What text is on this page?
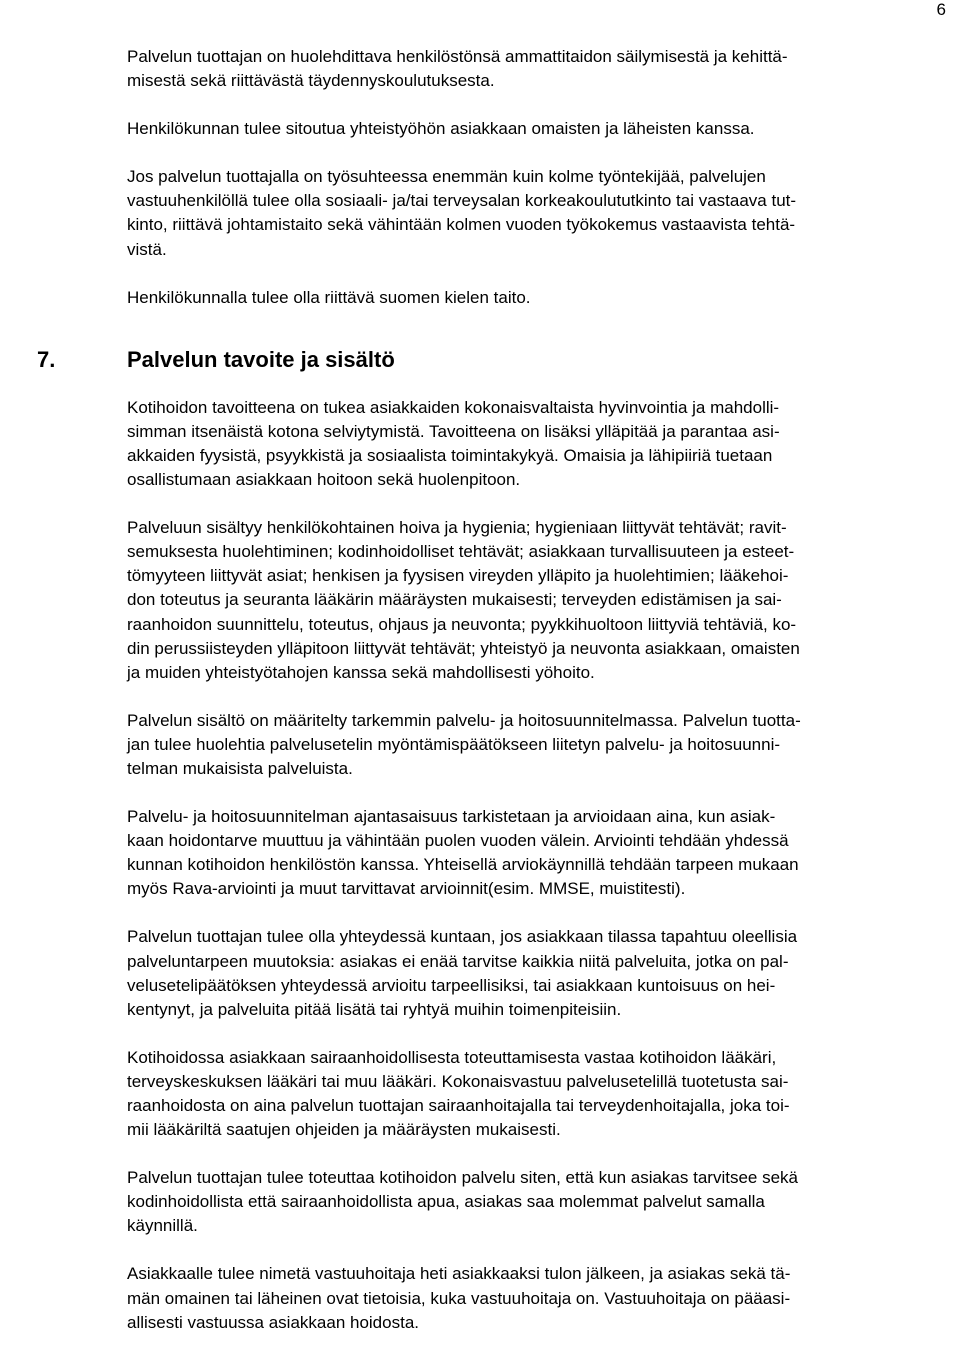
6

Palvelun tuottajan on huolehdittava henkilöstönsä ammattitaidon säilymisestä ja kehittä-
misestä sekä riittävästä täydennyskoulutuksesta.

Henkilökunnan tulee sitoutua yhteistyöhön asiakkaan omaisten ja läheisten kanssa.

Jos palvelun tuottajalla on työsuhteessa enemmän kuin kolme työntekijää, palvelujen
vastuuhenkilöllä tulee olla sosiaali- ja/tai terveysalan korkeakoulututkinto tai vastaava tut-
kinto, riittävä johtamistaito sekä vähintään kolmen vuoden työkokemus vastaavista tehtä-
vistä.

Henkilökunnalla tulee olla riittävä suomen kielen taito.

7.	Palvelun tavoite ja sisältö

Kotihoidon tavoitteena on tukea asiakkaiden kokonaisvaltaista hyvinvointia ja mahdolli-
simman itsenäistä kotona selviytymistä. Tavoitteena on lisäksi ylläpitää ja parantaa asi-
akkaiden fyysistä, psyykkistä ja sosiaalista toimintakykyä. Omaisia ja lähipiiriä tuetaan
osallistumaan asiakkaan hoitoon sekä huolenpitoon.

Palveluun sisältyy henkilökohtainen hoiva ja hygienia; hygieniaan liittyvät tehtävät; ravit-
semuksesta huolehtiminen; kodinhoidolliset tehtävät; asiakkaan turvallisuuteen ja esteet-
tömyyteen liittyvät asiat; henkisen ja fyysisen vireyden ylläpito ja huolehtimien; lääkehoi-
don toteutus ja seuranta lääkärin määräysten mukaisesti; terveyden edistämisen ja sai-
raanhoidon suunnittelu, toteutus, ohjaus ja neuvonta; pyykkihuoltoon liittyviä tehtäviä, ko-
din perussiisteyden ylläpitoon liittyvät tehtävät; yhteistyö ja neuvonta asiakkaan, omaisten
ja muiden yhteistyötahojen kanssa sekä mahdollisesti yöhoito.

Palvelun sisältö on määritelty tarkemmin palvelu- ja hoitosuunnitelmassa. Palvelun tuotta-
jan tulee huolehtia palvelusetelin myöntämispäätökseen liitetyn palvelu- ja hoitosuunni-
telman mukaisista palveluista.

Palvelu- ja hoitosuunnitelman ajantasaisuus tarkistetaan ja arvioidaan aina, kun asiak-
kaan hoidontarve muuttuu ja vähintään puolen vuoden välein. Arviointi tehdään yhdessä
kunnan kotihoidon henkilöstön kanssa. Yhteisellä arviokäynnillä tehdään tarpeen mukaan
myös Rava-arviointi ja muut tarvittavat arvioinnit(esim. MMSE, muistitesti).

Palvelun tuottajan tulee olla yhteydessä kuntaan, jos asiakkaan tilassa tapahtuu oleellisia
palveluntarpeen muutoksia: asiakas ei enää tarvitse kaikkia niitä palveluita, jotka on pal-
velusetelipäätöksen yhteydessä arvioitu tarpeellisiksi, tai asiakkaan kuntoisuus on hei-
kentynyt, ja palveluita pitää lisätä tai ryhtyä muihin toimenpiteisiin.

Kotihoidossa asiakkaan sairaanhoidollisesta toteuttamisesta vastaa kotihoidon lääkäri,
terveyskeskuksen lääkäri tai muu lääkäri. Kokonaisvastuu palvelusetelillä tuotetusta sai-
raanhoidosta on aina palvelun tuottajan sairaanhoitajalla tai terveydenhoitajalla, joka toi-
mii lääkäriltä saatujen ohjeiden ja määräysten mukaisesti.

Palvelun tuottajan tulee toteuttaa kotihoidon palvelu siten, että kun asiakas tarvitsee sekä
kodinhoidollista että sairaanhoidollista apua, asiakas saa molemmat palvelut samalla
käynnillä.

Asiakkaalle tulee nimetä vastuuhoitaja heti asiakkaaksi tulon jälkeen, ja asiakas sekä tä-
män omainen tai läheinen ovat tietoisia, kuka vastuuhoitaja on. Vastuuhoitaja on pääasi-
allisesti vastuussa asiakkaan hoidosta.
